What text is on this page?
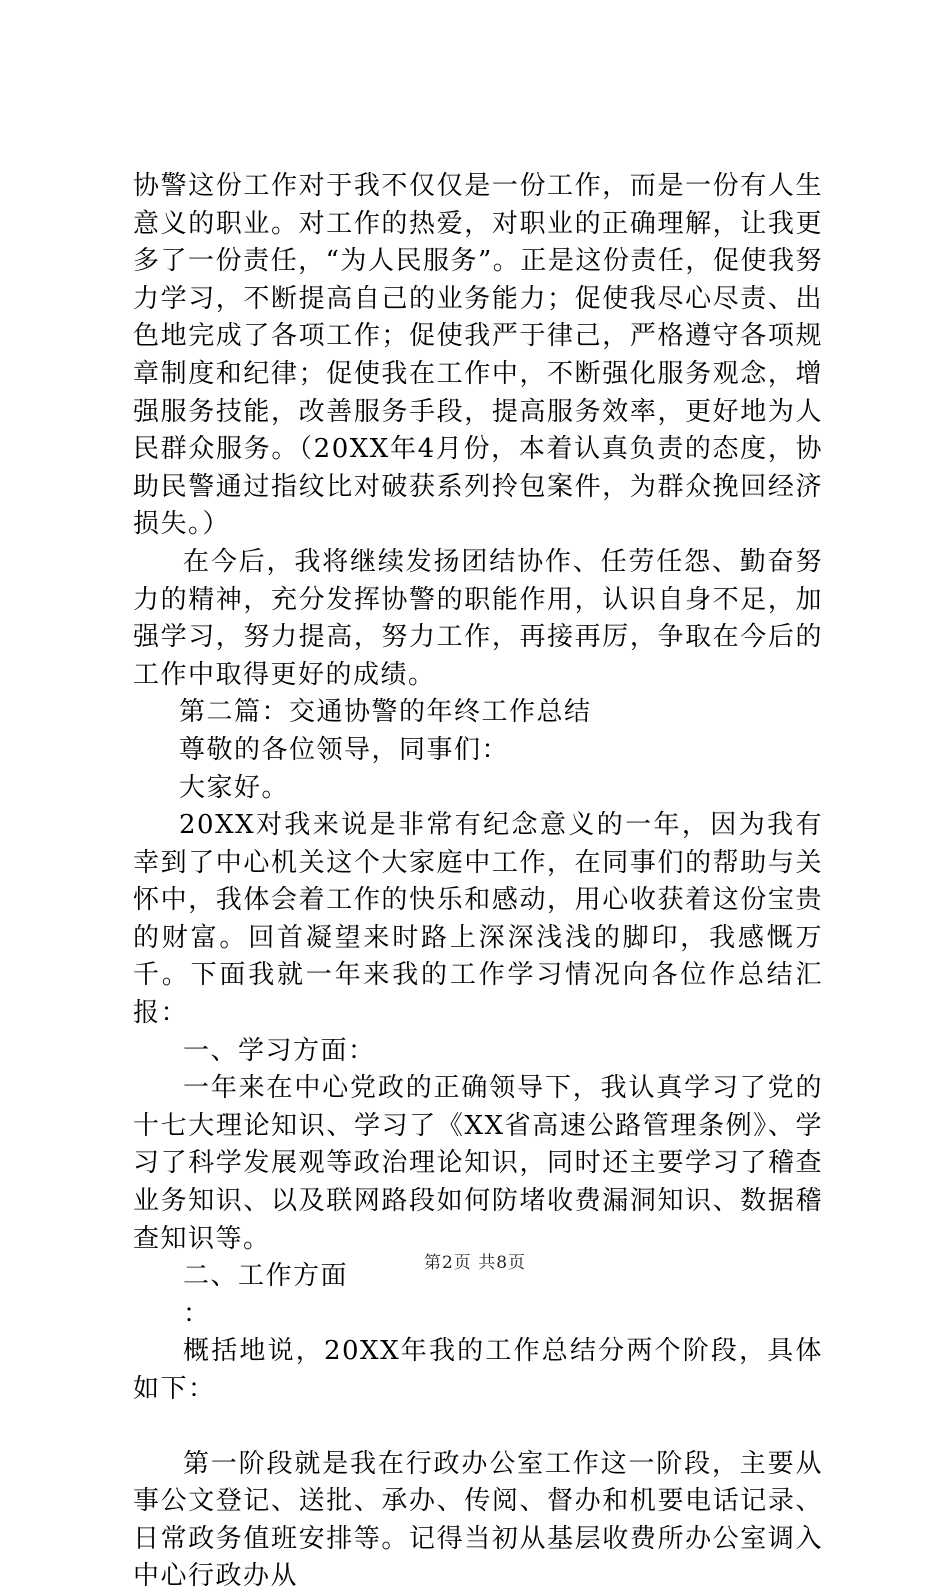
协警这份工作对于我不仅仅是一份工作，而是一份有人生意义的职业。对工作的热爱，对职业的正确理解，让我更多了一份责任，“为人民服务”。正是这份责任，促使我努力学习，不断提高自己的业务能力；促使我尽心尽责、出色地完成了各项工作；促使我严于律己，严格遵守各项规章制度和纪律；促使我在工作中，不断强化服务观念，增强服务技能，改善服务手段，提高服务效率，更好地为人民群众服务。（20XX年4月份，本着认真负责的态度，协助民警通过指纹比对破获系列拎包案件，为群众挽回经济损失。）

在今后，我将继续发扬团结协作、任劳任怨、勤奋努力的精神，充分发挥协警的职能作用，认识自身不足，加强学习，努力提高，努力工作，再接再厉，争取在今后的工作中取得更好的成绩。

第二篇：交通协警的年终工作总结

尊敬的各位领导，同事们：

大家好。

20XX对我来说是非常有纪念意义的一年，因为我有幸到了中心机关这个大家庭中工作，在同事们的帮助与关怀中，我体会着工作的快乐和感动，用心收获着这份宝贵的财富。回首凝望来时路上深深浅浅的脚印，我感慨万千。下面我就一年来我的工作学习情况向各位作总结汇报：

一、学习方面：

一年来在中心党政的正确领导下，我认真学习了党的十七大理论知识、学习了《XX省高速公路管理条例》、学习了科学发展观等政治理论知识，同时还主要学习了稽查业务知识、以及联网路段如何防堵收费漏洞知识、数据稽查知识等。

二、工作方面

：

概括地说，20XX年我的工作总结分两个阶段，具体如下：

第一阶段就是我在行政办公室工作这一阶段，主要从事公文登记、送批、承办、传阅、督办和机要电话记录、日常政务值班安排等。记得当初从基层收费所办公室调入中心行政办从

第2页 共8页
